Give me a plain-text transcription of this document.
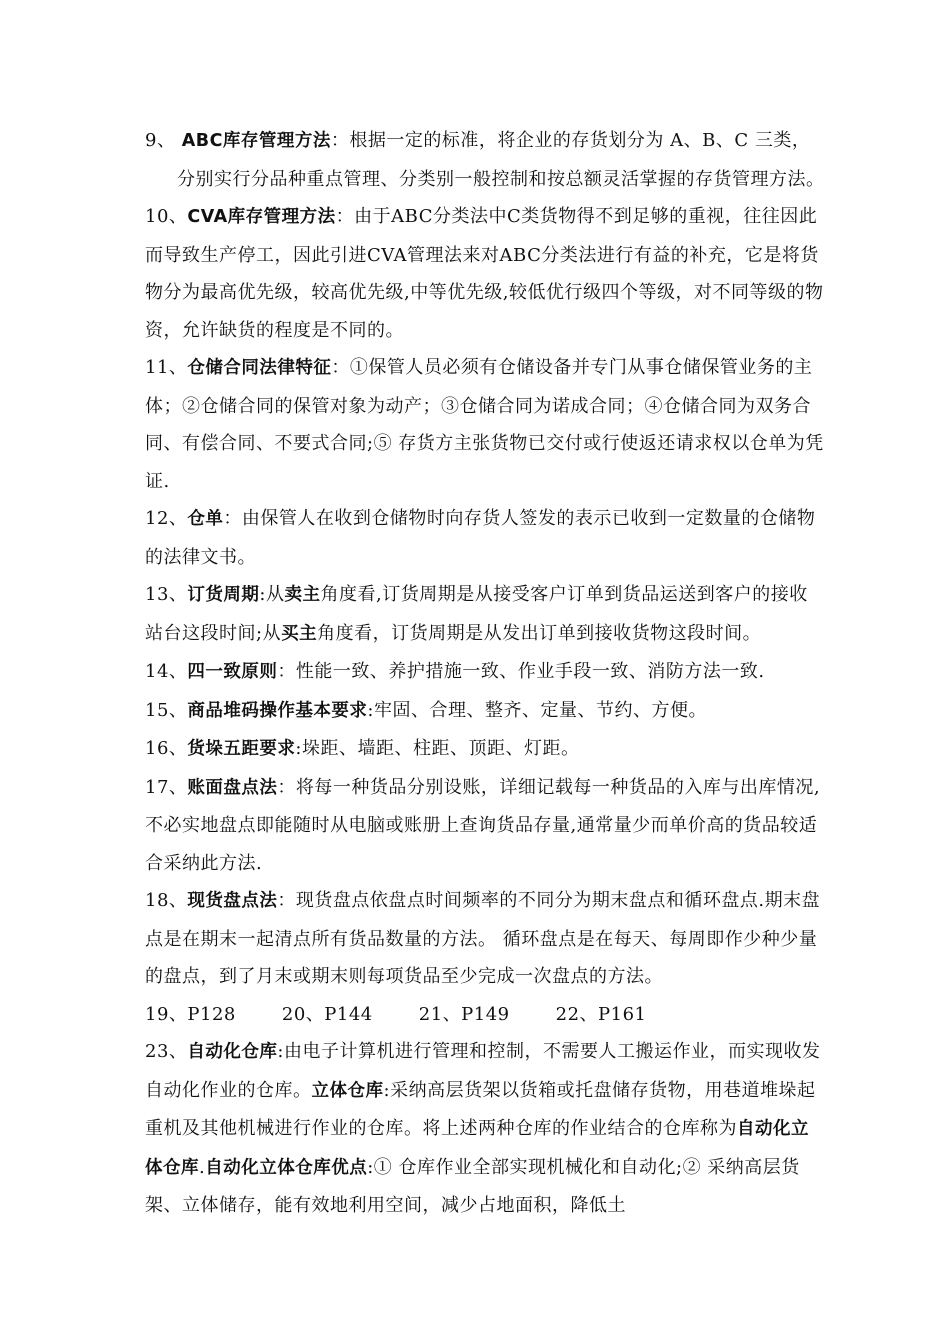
9、 ABC库存管理方法：根据一定的标准，将企业的存货划分为 A、B、C 三类，分别实行分品种重点管理、分类别一般控制和按总额灵活掌握的存货管理方法。

10、CVA库存管理方法：由于ABC分类法中C类货物得不到足够的重视，往往因此而导致生产停工，因此引进CVA管理法来对ABC分类法进行有益的补充，它是将货物分为最高优先级，较高优先级,中等优先级,较低优行级四个等级，对不同等级的物资，允许缺货的程度是不同的。

11、仓储合同法律特征：①保管人员必须有仓储设备并专门从事仓储保管业务的主体；②仓储合同的保管对象为动产；③仓储合同为诺成合同；④仓储合同为双务合同、有偿合同、不要式合同;⑤ 存货方主张货物已交付或行使返还请求权以仓单为凭证.

12、仓单：由保管人在收到仓储物时向存货人签发的表示已收到一定数量的仓储物的法律文书。

13、订货周期:从卖主角度看,订货周期是从接受客户订单到货品运送到客户的接收站台这段时间;从买主角度看，订货周期是从发出订单到接收货物这段时间。

14、四一致原则：性能一致、养护措施一致、作业手段一致、消防方法一致.

15、商品堆码操作基本要求:牢固、合理、整齐、定量、节约、方便。

16、货垛五距要求:垛距、墙距、柱距、顶距、灯距。

17、账面盘点法：将每一种货品分别设账，详细记载每一种货品的入库与出库情况,不必实地盘点即能随时从电脑或账册上查询货品存量,通常量少而单价高的货品较适合采纳此方法.

18、现货盘点法：现货盘点依盘点时间频率的不同分为期末盘点和循环盘点.期末盘点是在期末一起清点所有货品数量的方法。 循环盘点是在每天、每周即作少种少量的盘点，到了月末或期末则每项货品至少完成一次盘点的方法。

19、P128	20、P144	21、P149	22、P161

23、自动化仓库:由电子计算机进行管理和控制，不需要人工搬运作业，而实现收发自动化作业的仓库。立体仓库:采纳高层货架以货箱或托盘储存货物，用巷道堆垛起重机及其他机械进行作业的仓库。将上述两种仓库的作业结合的仓库称为自动化立体仓库.自动化立体仓库优点:① 仓库作业全部实现机械化和自动化;② 采纳高层货架、立体储存，能有效地利用空间，减少占地面积，降低土
